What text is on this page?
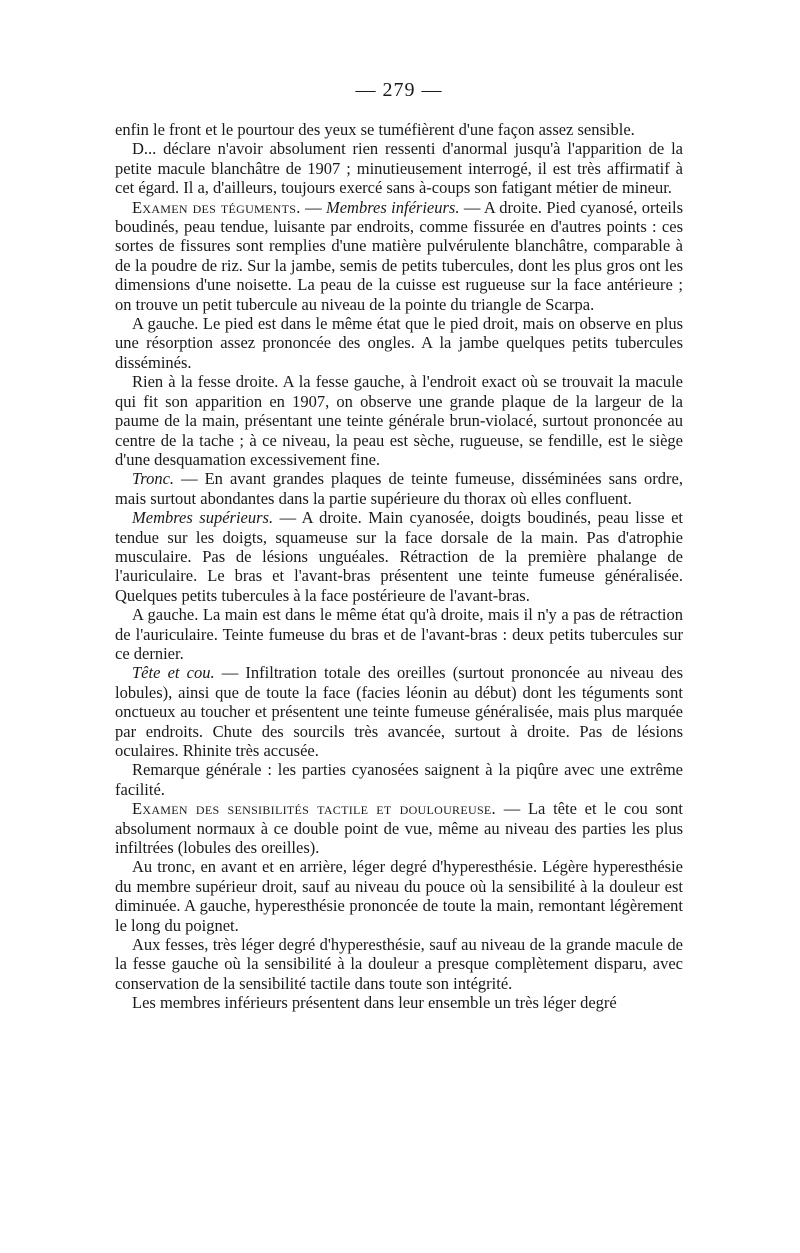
— 279 —

enfin le front et le pourtour des yeux se tuméfièrent d'une façon assez sensible.

D... déclare n'avoir absolument rien ressenti d'anormal jusqu'à l'apparition de la petite macule blanchâtre de 1907 ; minutieusement interrogé, il est très affirmatif à cet égard. Il a, d'ailleurs, toujours exercé sans à-coups son fatigant métier de mineur.

Examen des téguments. — Membres inférieurs. — A droite. Pied cyanosé, orteils boudinés, peau tendue, luisante par endroits, comme fissurée en d'autres points : ces sortes de fissures sont remplies d'une matière pulvérulente blanchâtre, comparable à de la poudre de riz. Sur la jambe, semis de petits tubercules, dont les plus gros ont les dimensions d'une noisette. La peau de la cuisse est rugueuse sur la face antérieure ; on trouve un petit tubercule au niveau de la pointe du triangle de Scarpa.

A gauche. Le pied est dans le même état que le pied droit, mais on observe en plus une résorption assez prononcée des ongles. A la jambe quelques petits tubercules disséminés.

Rien à la fesse droite. A la fesse gauche, à l'endroit exact où se trouvait la macule qui fit son apparition en 1907, on observe une grande plaque de la largeur de la paume de la main, présentant une teinte générale brun-violacé, surtout prononcée au centre de la tache ; à ce niveau, la peau est sèche, rugueuse, se fendille, est le siège d'une desquamation excessivement fine.

Tronc. — En avant grandes plaques de teinte fumeuse, disséminées sans ordre, mais surtout abondantes dans la partie supérieure du thorax où elles confluent.

Membres supérieurs. — A droite. Main cyanosée, doigts boudinés, peau lisse et tendue sur les doigts, squameuse sur la face dorsale de la main. Pas d'atrophie musculaire. Pas de lésions unguéales. Rétraction de la première phalange de l'auriculaire. Le bras et l'avant-bras présentent une teinte fumeuse généralisée. Quelques petits tubercules à la face postérieure de l'avant-bras.

A gauche. La main est dans le même état qu'à droite, mais il n'y a pas de rétraction de l'auriculaire. Teinte fumeuse du bras et de l'avant-bras : deux petits tubercules sur ce dernier.

Tête et cou. — Infiltration totale des oreilles (surtout prononcée au niveau des lobules), ainsi que de toute la face (facies léonin au début) dont les téguments sont onctueux au toucher et présentent une teinte fumeuse généralisée, mais plus marquée par endroits. Chute des sourcils très avancée, surtout à droite. Pas de lésions oculaires. Rhinite très accusée.

Remarque générale : les parties cyanosées saignent à la piqûre avec une extrême facilité.

Examen des sensibilités tactile et douloureuse. — La tête et le cou sont absolument normaux à ce double point de vue, même au niveau des parties les plus infiltrées (lobules des oreilles).

Au tronc, en avant et en arrière, léger degré d'hyperesthésie. Légère hyperesthésie du membre supérieur droit, sauf au niveau du pouce où la sensibilité à la douleur est diminuée. A gauche, hyperesthésie prononcée de toute la main, remontant légèrement le long du poignet.

Aux fesses, très léger degré d'hyperesthésie, sauf au niveau de la grande macule de la fesse gauche où la sensibilité à la douleur a presque complètement disparu, avec conservation de la sensibilité tactile dans toute son intégrité.

Les membres inférieurs présentent dans leur ensemble un très léger degré
